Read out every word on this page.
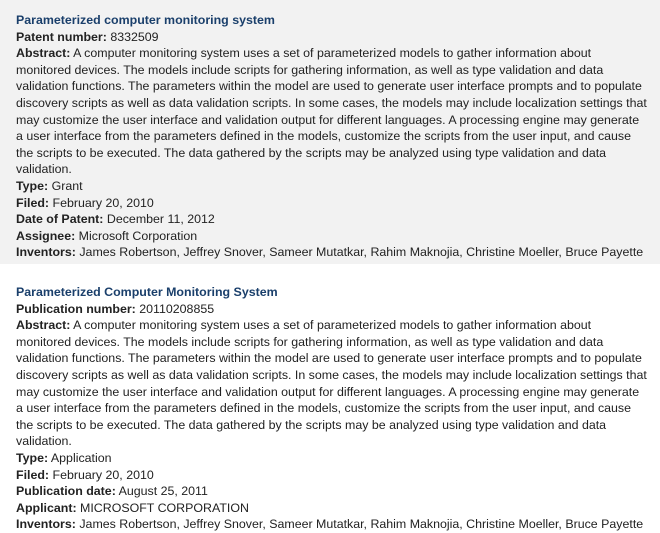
Parameterized computer monitoring system
Patent number: 8332509

Abstract: A computer monitoring system uses a set of parameterized models to gather information about monitored devices. The models include scripts for gathering information, as well as type validation and data validation functions. The parameters within the model are used to generate user interface prompts and to populate discovery scripts as well as data validation scripts. In some cases, the models may include localization settings that may customize the user interface and validation output for different languages. A processing engine may generate a user interface from the parameters defined in the models, customize the scripts from the user input, and cause the scripts to be executed. The data gathered by the scripts may be analyzed using type validation and data validation.

Type: Grant
Filed: February 20, 2010
Date of Patent: December 11, 2012
Assignee: Microsoft Corporation
Inventors: James Robertson, Jeffrey Snover, Sameer Mutatkar, Rahim Maknojia, Christine Moeller, Bruce Payette
Parameterized Computer Monitoring System
Publication number: 20110208855

Abstract: A computer monitoring system uses a set of parameterized models to gather information about monitored devices. The models include scripts for gathering information, as well as type validation and data validation functions. The parameters within the model are used to generate user interface prompts and to populate discovery scripts as well as data validation scripts. In some cases, the models may include localization settings that may customize the user interface and validation output for different languages. A processing engine may generate a user interface from the parameters defined in the models, customize the scripts from the user input, and cause the scripts to be executed. The data gathered by the scripts may be analyzed using type validation and data validation.

Type: Application
Filed: February 20, 2010
Publication date: August 25, 2011
Applicant: MICROSOFT CORPORATION
Inventors: James Robertson, Jeffrey Snover, Sameer Mutatkar, Rahim Maknojia, Christine Moeller, Bruce Payette
